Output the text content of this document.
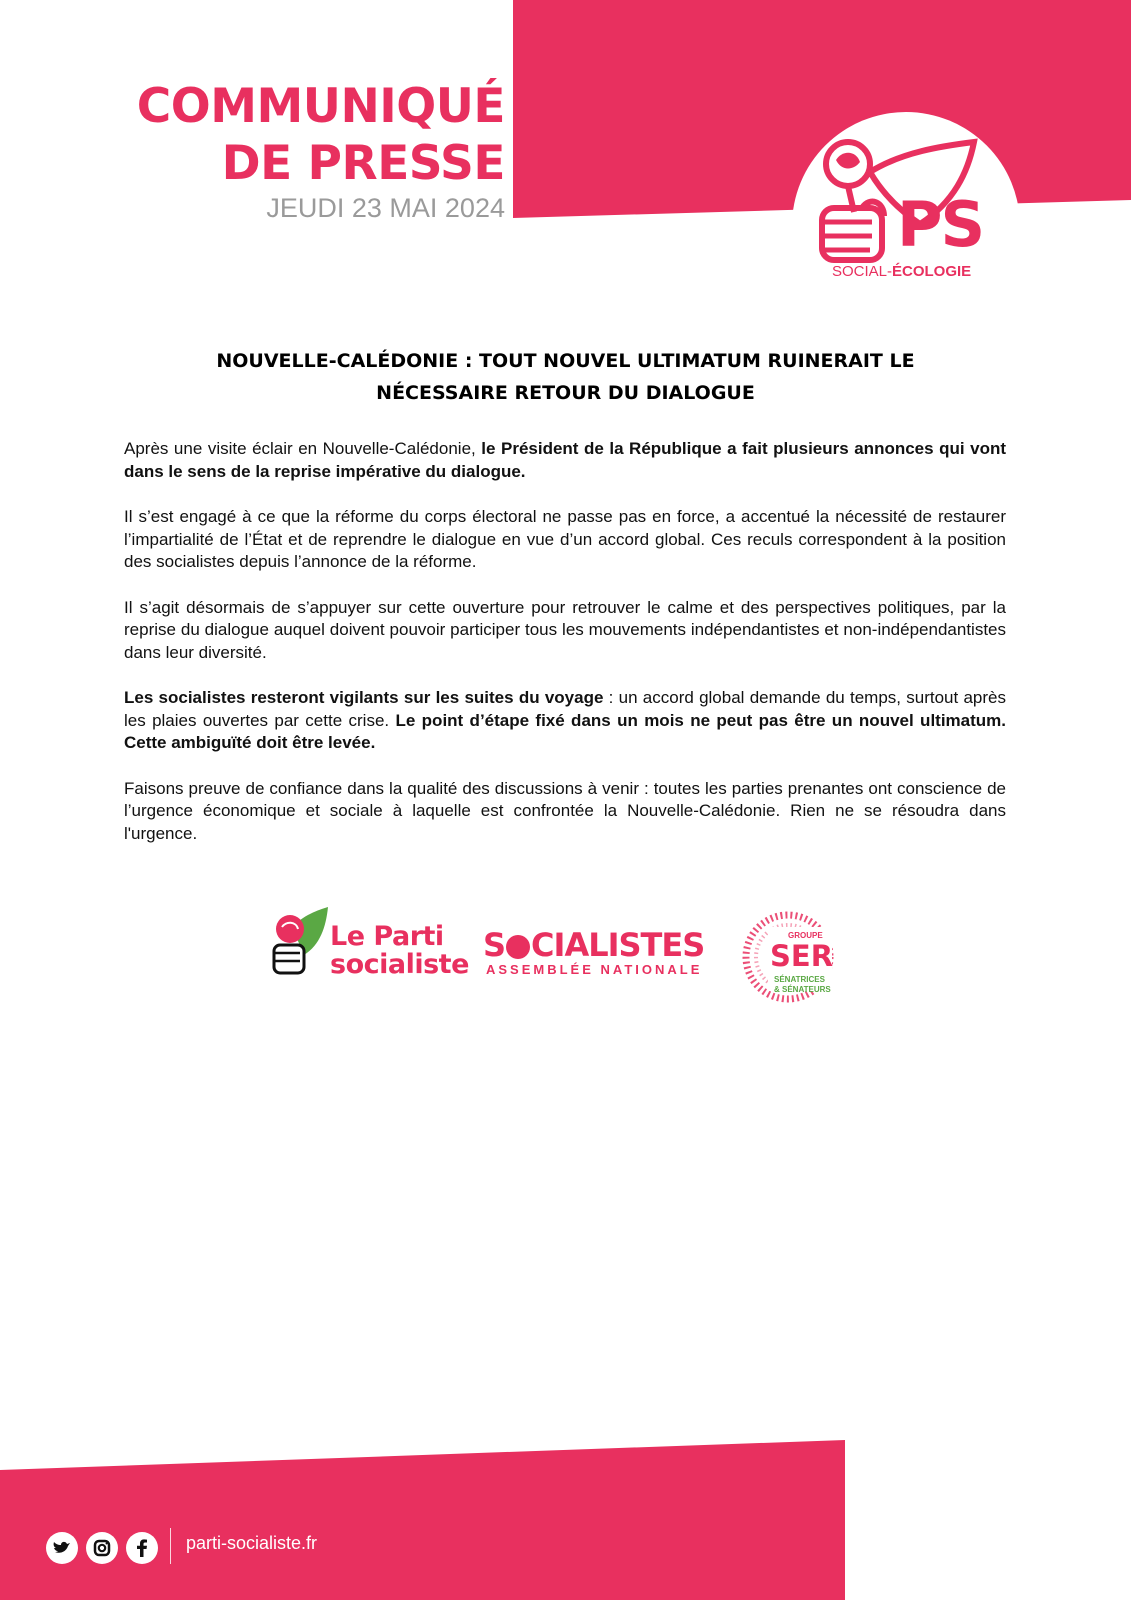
COMMUNIQUÉ
DE PRESSE
JEUDI 23 MAI 2024	PS
SOCIAL-ÉCOLOGIE
NOUVELLE-CALÉDONIE : TOUT NOUVEL ULTIMATUM RUINERAIT LE
NÉCESSAIRE RETOUR DU DIALOGUE

Après une visite éclair en Nouvelle-Calédonie, le Président de la République a fait plusieurs annonces qui vont dans le sens de la reprise impérative du dialogue.

Il s’est engagé à ce que la réforme du corps électoral ne passe pas en force, a accentué la nécessité de restaurer l’impartialité de l’État et de reprendre le dialogue en vue d’un accord global. Ces reculs correspondent à la position des socialistes depuis l’annonce de la réforme.

Il s’agit désormais de s’appuyer sur cette ouverture pour retrouver le calme et des perspectives politiques, par la reprise du dialogue auquel doivent pouvoir participer tous les mouvements indépendantistes et non-indépendantistes dans leur diversité.

Les socialistes resteront vigilants sur les suites du voyage : un accord global demande du temps, surtout après les plaies ouvertes par cette crise. Le point d’étape fixé dans un mois ne peut pas être un nouvel ultimatum. Cette ambiguïté doit être levée.

Faisons preuve de confiance dans la qualité des discussions à venir : toutes les parties prenantes ont conscience de l’urgence économique et sociale à laquelle est confrontée la Nouvelle-Calédonie. Rien ne se résoudra dans l'urgence.

Le Parti
socialiste
S CIALISTES
ASSEMBLÉE NATIONALE
GROUPE
SER
SÉNATRICES
& SÉNATEURS
parti-socialiste.fr
